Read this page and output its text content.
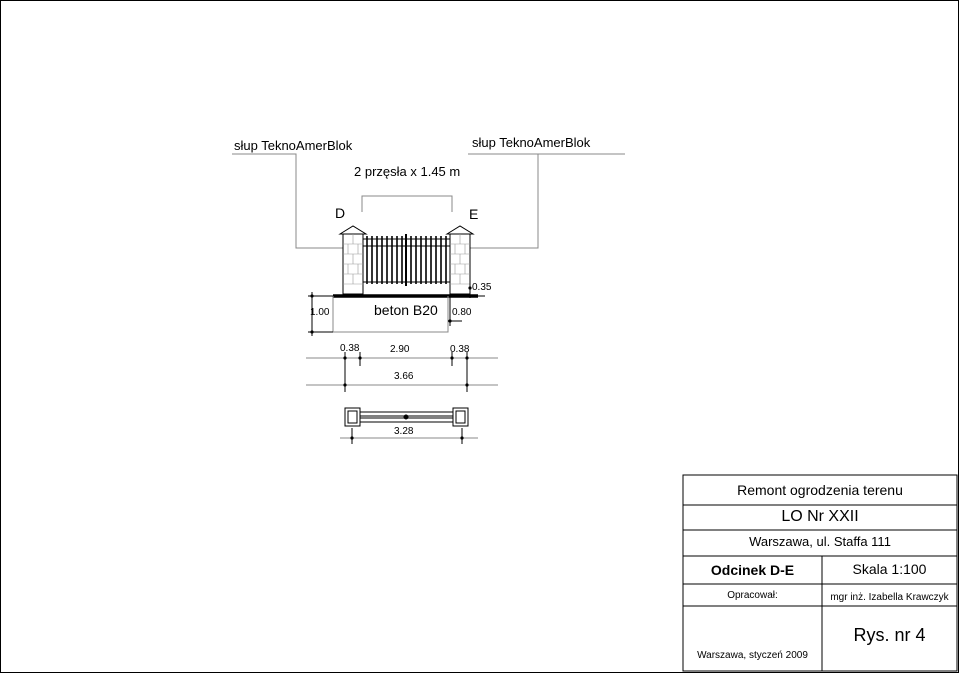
słup TeknoAmerBlok	słup TeknoAmerBlok
2 przęsła x 1.45 m
D	E
0.35
1.00	beton B20 0.80
0.38	2.90	0.38
3.66
3.28
Remont ogrodzenia terenu
LO Nr XXII
Warszawa, ul. Staffa 111
Odcinek D-E	Skala 1:100
Opracował:	mgr inż. Izabella Krawczyk
Rys. nr 4
Warszawa, styczeń 2009
